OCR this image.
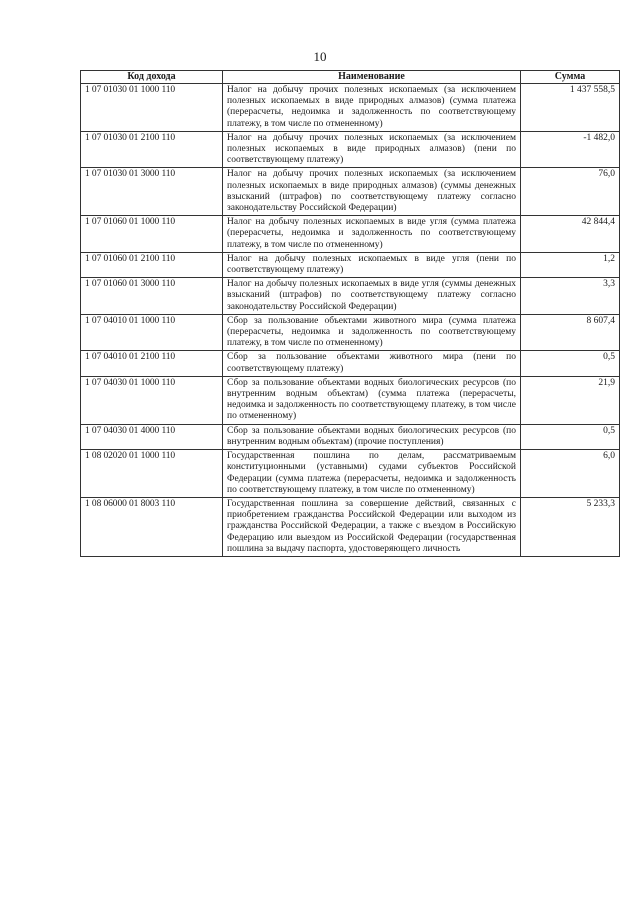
10
Код дохода	Наименование	Сумма
1 07 01030 01 1000 110	Налог на добычу прочих полезных ископаемых (за исключением полезных ископаемых в виде природных алмазов) (сумма платежа (перерасчеты, недоимка и задолженность по соответствующему платежу, в том числе по отмененному)	1 437 558,5
1 07 01030 01 2100 110	Налог на добычу прочих полезных ископаемых (за исключением полезных ископаемых в виде природных алмазов) (пени по соответствующему платежу)	-1 482,0
1 07 01030 01 3000 110	Налог на добычу прочих полезных ископаемых (за исключением полезных ископаемых в виде природных алмазов) (суммы денежных взысканий (штрафов) по соответствующему платежу согласно законодательству Российской Федерации)	76,0
1 07 01060 01 1000 110	Налог на добычу полезных ископаемых в виде угля (сумма платежа (перерасчеты, недоимка и задолженность по соответствующему платежу, в том числе по отмененному)	42 844,4
1 07 01060 01 2100 110	Налог на добычу полезных ископаемых в виде угля (пени по соответствующему платежу)	1,2
1 07 01060 01 3000 110	Налог на добычу полезных ископаемых в виде угля (суммы денежных взысканий (штрафов) по соответствующему платежу согласно законодательству Российской Федерации)	3,3
1 07 04010 01 1000 110	Сбор за пользование объектами животного мира (сумма платежа (перерасчеты, недоимка и задолженность по соответствующему платежу, в том числе по отмененному)	8 607,4
1 07 04010 01 2100 110	Сбор за пользование объектами животного мира (пени по соответствующему платежу)	0,5
1 07 04030 01 1000 110	Сбор за пользование объектами водных биологических ресурсов (по внутренним водным объектам) (сумма платежа (перерасчеты, недоимка и задолженность по соответствующему платежу, в том числе по отмененному)	21,9
1 07 04030 01 4000 110	Сбор за пользование объектами водных биологических ресурсов (по внутренним водным объектам) (прочие поступления)	0,5
1 08 02020 01 1000 110	Государственная пошлина по делам, рассматриваемым конституционными (уставными) судами субъектов Российской Федерации (сумма платежа (перерасчеты, недоимка и задолженность по соответствующему платежу, в том числе по отмененному)	6,0
1 08 06000 01 8003 110	Государственная пошлина за совершение действий, связанных с приобретением гражданства Российской Федерации или выходом из гражданства Российской Федерации, а также с въездом в Российскую Федерацию или выездом из Российской Федерации (государственная пошлина за выдачу паспорта, удостоверяющего личность	5 233,3
